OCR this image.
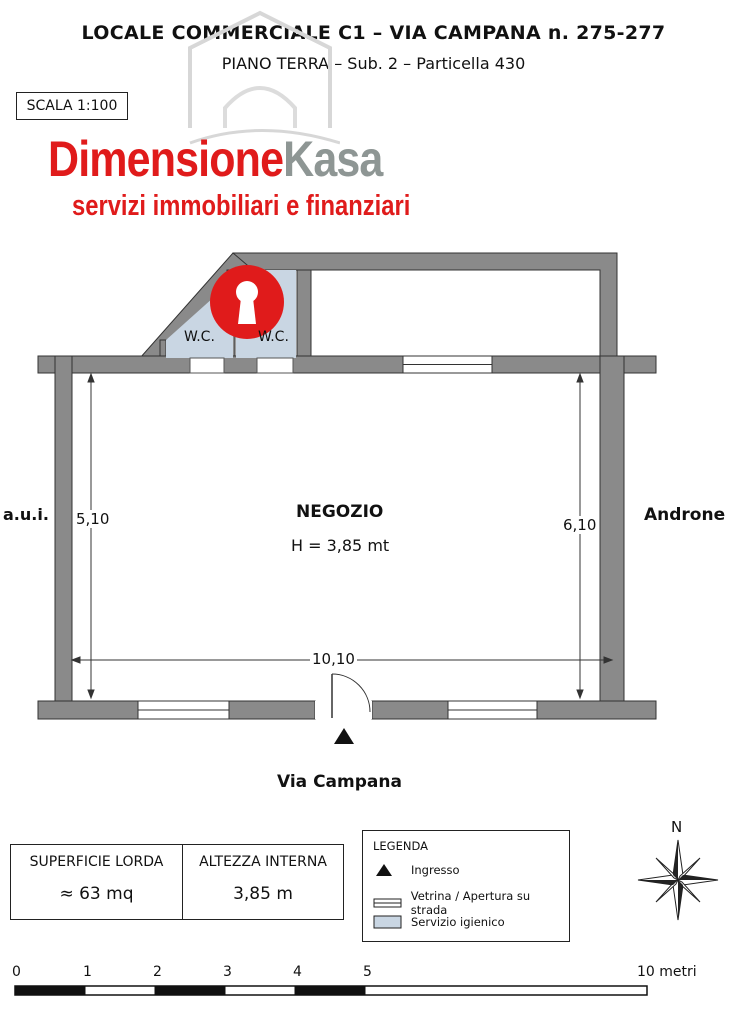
LOCALE COMMERCIALE C1 – VIA CAMPANA n. 275-277
PIANO TERRA – Sub. 2 – Particella 430
SCALA 1:100
DimensioneKasa
servizi immobiliari e finanziari
W.C.	W.C.
NEGOZIO
H = 3,85 mt
5,10	6,10
10,10
a.u.i.	Androne
Via Campana
SUPERFICIE LORDA
≈ 63 mq
ALTEZZA INTERNA
3,85 m
LEGENDA
Ingresso
Vetrina / Apertura su strada
Servizio igienico
N
0	1	2	3	4	5	10 metri
